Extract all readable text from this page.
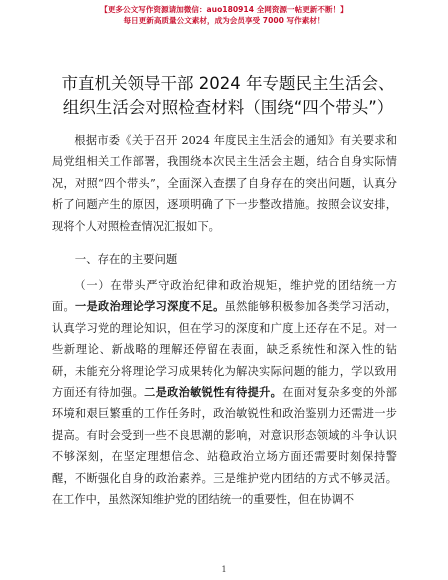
【更多公文写作资源请加微信：auo180914 全网资源一帖更新不断！】
每日更新高质量公文素材，成为会员享受 7000 写作素材！
市直机关领导干部 2024 年专题民主生活会、组织生活会对照检查材料（围绕“四个带头”）

根据市委《关于召开 2024 年度民主生活会的通知》有关要求和局党组相关工作部署，我围绕本次民主生活会主题，结合自身实际情况，对照“四个带头”，全面深入查摆了自身存在的突出问题，认真分析了问题产生的原因，逐项明确了下一步整改措施。按照会议安排，现将个人对照检查情况汇报如下。

一、存在的主要问题

（一）在带头严守政治纪律和政治规矩，维护党的团结统一方面。一是政治理论学习深度不足。虽然能够积极参加各类学习活动，认真学习党的理论知识，但在学习的深度和广度上还存在不足。对一些新理论、新战略的理解还停留在表面，缺乏系统性和深入性的钻研，未能充分将理论学习成果转化为解决实际问题的能力，学以致用方面还有待加强。二是政治敏锐性有待提升。在面对复杂多变的外部环境和艰巨繁重的工作任务时，政治敏锐性和政治鉴别力还需进一步提高。有时会受到一些不良思潮的影响，对意识形态领域的斗争认识不够深刻，在坚定理想信念、站稳政治立场方面还需要时刻保持警醒，不断强化自身的政治素养。三是维护党内团结的方式不够灵活。在工作中，虽然深知维护党的团结统一的重要性，但在协调不

1
